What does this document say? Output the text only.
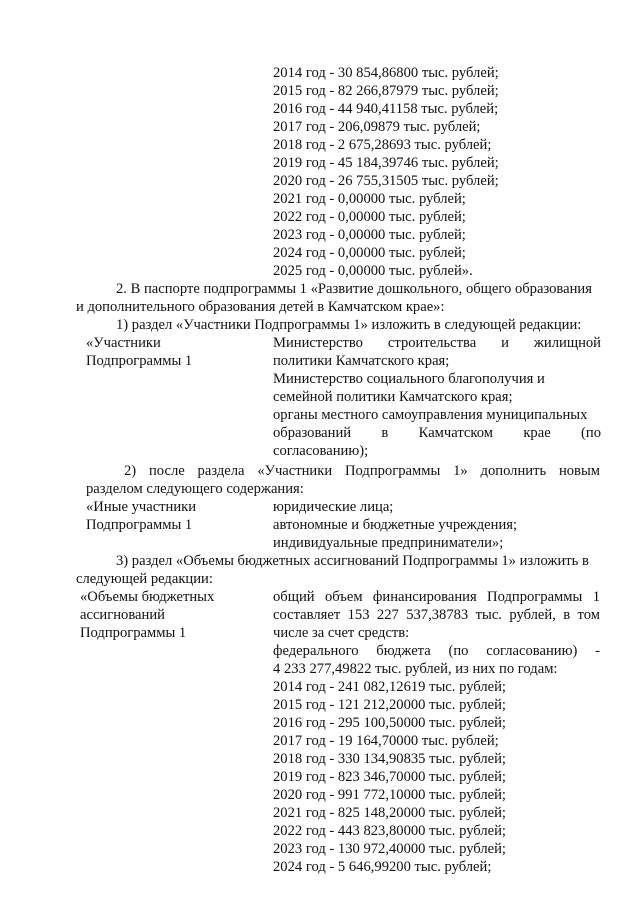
2014 год - 30 854,86800 тыс. рублей;
2015 год - 82 266,87979 тыс. рублей;
2016 год - 44 940,41158 тыс. рублей;
2017 год - 206,09879 тыс. рублей;
2018 год - 2 675,28693 тыс. рублей;
2019 год - 45 184,39746 тыс. рублей;
2020 год - 26 755,31505 тыс. рублей;
2021 год - 0,00000 тыс. рублей;
2022 год - 0,00000 тыс. рублей;
2023 год - 0,00000 тыс. рублей;
2024 год - 0,00000 тыс. рублей;
2025 год - 0,00000 тыс. рублей».
2. В паспорте подпрограммы 1 «Развитие дошкольного, общего образования
и дополнительного образования детей в Камчатском крае»:
1) раздел «Участники Подпрограммы 1» изложить в следующей редакции:
«Участники
Подпрограммы 1
Министерство строительства и жилищной
политики Камчатского края;
Министерство социального благополучия и
семейной политики Камчатского края;
органы местного самоуправления муниципальных
образований в Камчатском крае (по
согласованию);
2) после раздела «Участники Подпрограммы 1» дополнить новым
разделом следующего содержания:
«Иные участники
Подпрограммы 1
юридические лица;
автономные и бюджетные учреждения;
индивидуальные предприниматели»;
3) раздел «Объемы бюджетных ассигнований Подпрограммы 1» изложить в
следующей редакции:
«Объемы бюджетных
ассигнований
Подпрограммы 1
общий объем финансирования Подпрограммы 1
составляет 153 227 537,38783 тыс. рублей, в том
числе за счет средств:
федерального бюджета (по согласованию) -
4 233 277,49822 тыс. рублей, из них по годам:
2014 год - 241 082,12619 тыс. рублей;
2015 год - 121 212,20000 тыс. рублей;
2016 год - 295 100,50000 тыс. рублей;
2017 год - 19 164,70000 тыс. рублей;
2018 год - 330 134,90835 тыс. рублей;
2019 год - 823 346,70000 тыс. рублей;
2020 год - 991 772,10000 тыс. рублей;
2021 год - 825 148,20000 тыс. рублей;
2022 год - 443 823,80000 тыс. рублей;
2023 год - 130 972,40000 тыс. рублей;
2024 год - 5 646,99200 тыс. рублей;
